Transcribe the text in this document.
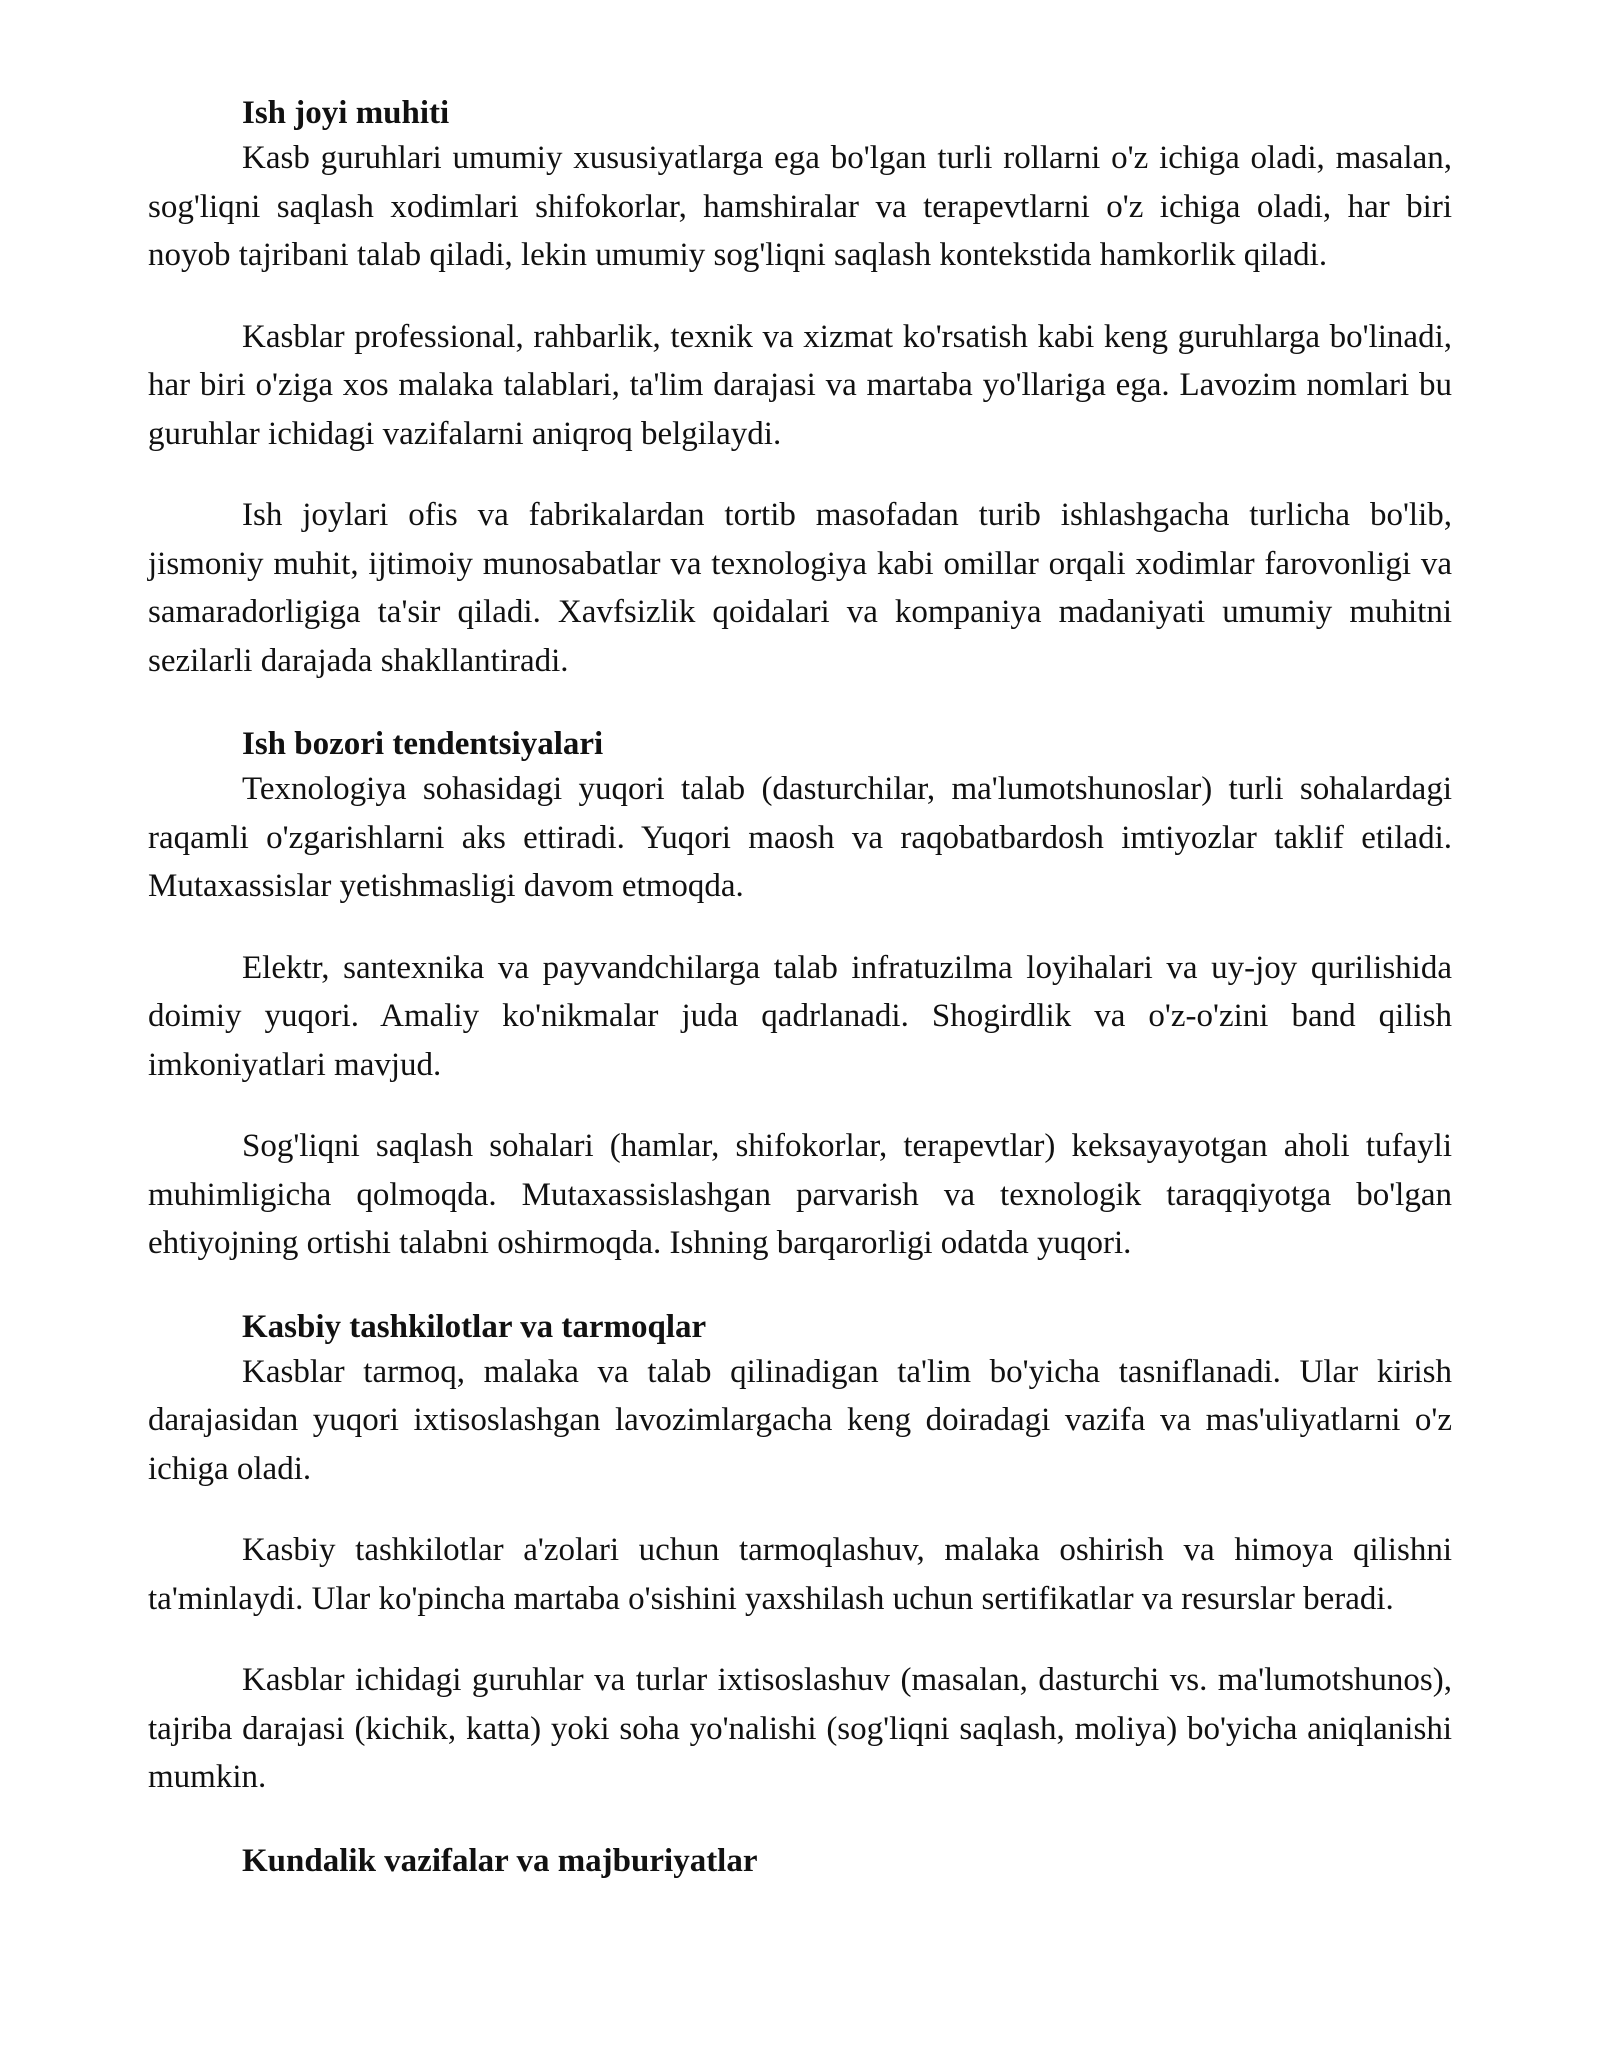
Ish joyi muhiti

Kasb guruhlari umumiy xususiyatlarga ega bo'lgan turli rollarni o'z ichiga oladi, masalan, sog'liqni saqlash xodimlari shifokorlar, hamshiralar va terapevtlarni o'z ichiga oladi, har biri noyob tajribani talab qiladi, lekin umumiy sog'liqni saqlash kontekstida hamkorlik qiladi.

Kasblar professional, rahbarlik, texnik va xizmat ko'rsatish kabi keng guruhlarga bo'linadi, har biri o'ziga xos malaka talablari, ta'lim darajasi va martaba yo'llariga ega. Lavozim nomlari bu guruhlar ichidagi vazifalarni aniqroq belgilaydi.

Ish joylari ofis va fabrikalardan tortib masofadan turib ishlashgacha turlicha bo'lib, jismoniy muhit, ijtimoiy munosabatlar va texnologiya kabi omillar orqali xodimlar farovonligi va samaradorligiga ta'sir qiladi. Xavfsizlik qoidalari va kompaniya madaniyati umumiy muhitni sezilarli darajada shakllantiradi.

Ish bozori tendentsiyalari

Texnologiya sohasidagi yuqori talab (dasturchilar, ma'lumotshunoslar) turli sohalardagi raqamli o'zgarishlarni aks ettiradi. Yuqori maosh va raqobatbardosh imtiyozlar taklif etiladi. Mutaxassislar yetishmasligi davom etmoqda.

Elektr, santexnika va payvandchilarga talab infratuzilma loyihalari va uy-joy qurilishida doimiy yuqori. Amaliy ko'nikmalar juda qadrlanadi. Shogirdlik va o'z-o'zini band qilish imkoniyatlari mavjud.

Sog'liqni saqlash sohalari (hamlar, shifokorlar, terapevtlar) keksayayotgan aholi tufayli muhimligicha qolmoqda. Mutaxassislashgan parvarish va texnologik taraqqiyotga bo'lgan ehtiyojning ortishi talabni oshirmoqda. Ishning barqarorligi odatda yuqori.

Kasbiy tashkilotlar va tarmoqlar

Kasblar tarmoq, malaka va talab qilinadigan ta'lim bo'yicha tasniflanadi. Ular kirish darajasidan yuqori ixtisoslashgan lavozimlargacha keng doiradagi vazifa va mas'uliyatlarni o'z ichiga oladi.

Kasbiy tashkilotlar a'zolari uchun tarmoqlashuv, malaka oshirish va himoya qilishni ta'minlaydi. Ular ko'pincha martaba o'sishini yaxshilash uchun sertifikatlar va resurslar beradi.

Kasblar ichidagi guruhlar va turlar ixtisoslashuv (masalan, dasturchi vs. ma'lumotshunos), tajriba darajasi (kichik, katta) yoki soha yo'nalishi (sog'liqni saqlash, moliya) bo'yicha aniqlanishi mumkin.

Kundalik vazifalar va majburiyatlar
